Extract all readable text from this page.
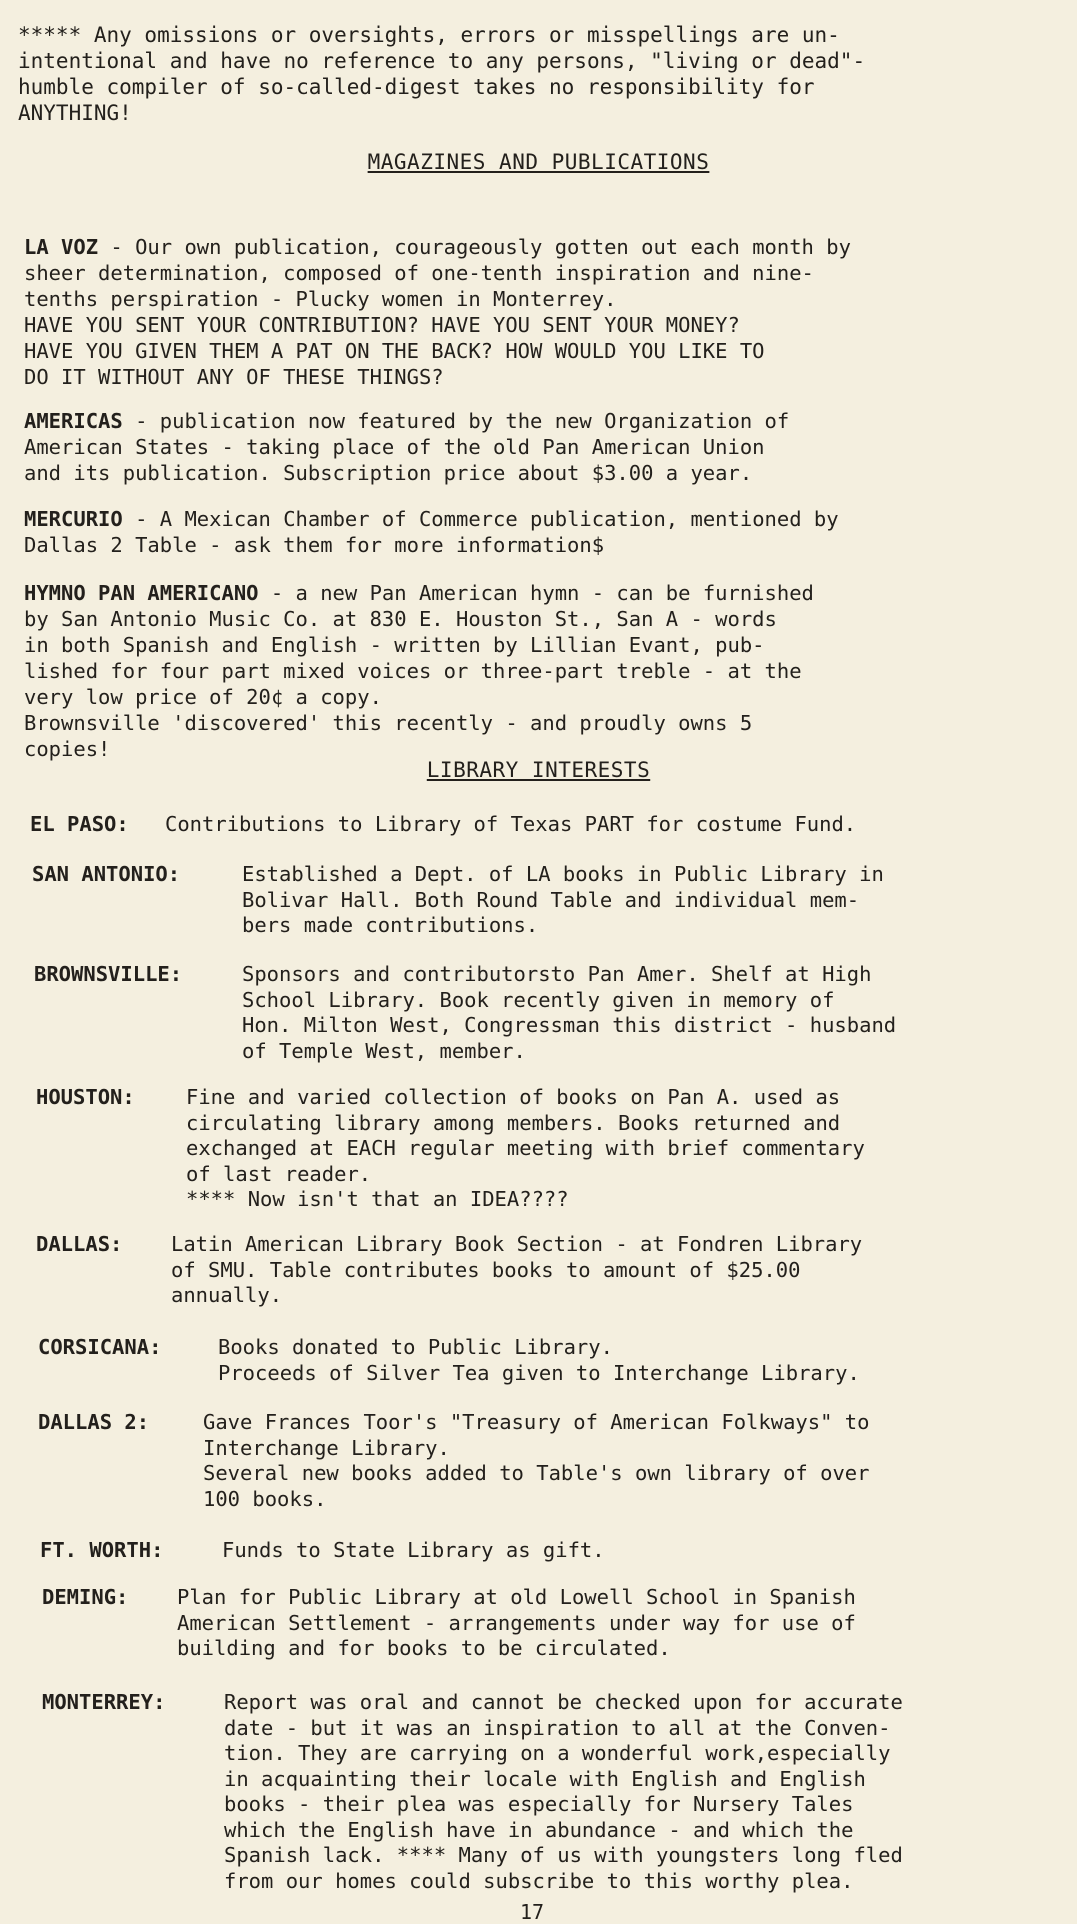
***** Any omissions or oversights, errors or misspellings are un-
intentional and have no reference to any persons, "living or dead"-
humble compiler of so-called-digest takes no responsibility for
ANYTHING!
MAGAZINES AND PUBLICATIONS

LA VOZ - Our own publication, courageously gotten out each month by
sheer determination, composed of one-tenth inspiration and nine-
tenths perspiration - Plucky women in Monterrey.
HAVE YOU SENT YOUR CONTRIBUTION? HAVE YOU SENT YOUR MONEY?
HAVE YOU GIVEN THEM A PAT ON THE BACK? HOW WOULD YOU LIKE TO
DO IT WITHOUT ANY OF THESE THINGS?

AMERICAS - publication now featured by the new Organization of
American States - taking place of the old Pan American Union
and its publication. Subscription price about $3.00 a year.

MERCURIO - A Mexican Chamber of Commerce publication, mentioned by
Dallas 2 Table - ask them for more information$

HYMNO PAN AMERICANO - a new Pan American hymn - can be furnished
by San Antonio Music Co. at 830 E. Houston St., San A - words
in both Spanish and English - written by Lillian Evant, pub-
lished for four part mixed voices or three-part treble - at the
very low price of 20¢ a copy.
Brownsville 'discovered' this recently - and proudly owns 5
copies!

LIBRARY INTERESTS
EL PASO: Contributions to Library of Texas PART for costume Fund.
SAN ANTONIO:	Established a Dept. of LA books in Public Library in
Bolivar Hall. Both Round Table and individual mem-
bers made contributions.
BROWNSVILLE:	Sponsors and contributorsto Pan Amer. Shelf at High
School Library. Book recently given in memory of
Hon. Milton West, Congressman this district - husband
of Temple West, member.
HOUSTON:	Fine and varied collection of books on Pan A. used as
circulating library among members. Books returned and
exchanged at EACH regular meeting with brief commentary
of last reader.
**** Now isn't that an IDEA????
DALLAS: Latin American Library Book Section - at Fondren Library
of SMU. Table contributes books to amount of $25.00
annually.
CORSICANA:	Books donated to Public Library.
Proceeds of Silver Tea given to Interchange Library.
DALLAS 2:	Gave Frances Toor's "Treasury of American Folkways" to
Interchange Library.
Several new books added to Table's own library of over
100 books.
FT. WORTH:	Funds to State Library as gift.
DEMING: Plan for Public Library at old Lowell School in Spanish
American Settlement - arrangements under way for use of
building and for books to be circulated.
MONTERREY:	Report was oral and cannot be checked upon for accurate
date - but it was an inspiration to all at the Conven-
tion. They are carrying on a wonderful work,especially
in acquainting their locale with English and English
books - their plea was especially for Nursery Tales
which the English have in abundance - and which the
Spanish lack. **** Many of us with youngsters long fled
from our homes could subscribe to this worthy plea.
17
